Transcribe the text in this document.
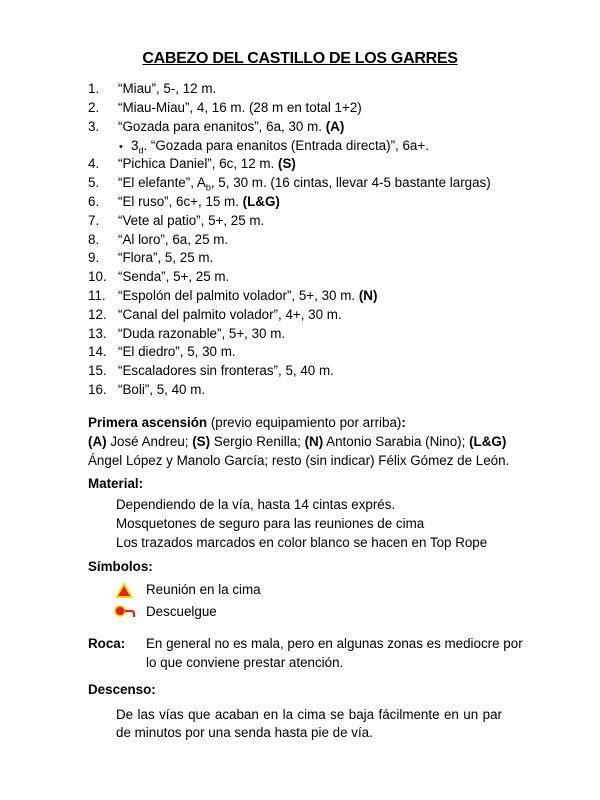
CABEZO DEL CASTILLO DE LOS GARRES
1. “Miau”, 5-, 12 m.
2. “Miau-Miau”, 4, 16 m. (28 m en total 1+2)
3. “Gozada para enanitos”, 6a, 30 m. (A)
• $3_d$. “Gozada para enanitos (Entrada directa)”, 6a+.
4. “Pichica Daniel”, 6c, 12 m. (S)
5. “El elefante”, $A_b$, 5, 30 m. (16 cintas, llevar 4-5 bastante largas)
6. “El ruso”, 6c+, 15 m. (L&G)
7. “Vete al patio”, 5+, 25 m.
8. “Al loro”, 6a, 25 m.
9. “Flora”, 5, 25 m.
10. “Senda”, 5+, 25 m.
11. “Espolón del palmito volador”, 5+, 30 m. (N)
12. “Canal del palmito volador”, 4+, 30 m.
13. “Duda razonable”, 5+, 30 m.
14. “El diedro”, 5, 30 m.
15. “Escaladores sin fronteras”, 5, 40 m.
16. “Boli”, 5, 40 m.
Primera ascensión (previo equipamiento por arriba):
(A) José Andreu; (S) Sergio Renilla; (N) Antonio Sarabia (Nino); (L&G)
Ángel López y Manolo García; resto (sin indicar) Félix Gómez de León.
Material:
Dependiendo de la vía, hasta 14 cintas exprés.
Mosquetones de seguro para las reuniones de cima
Los trazados marcados en color blanco se hacen en Top Rope
Símbolos:
Reunión en la cima
Descuelgue
Roca: En general no es mala, pero en algunas zonas es mediocre por lo que conviene prestar atención.
Descenso:
De las vías que acaban en la cima se baja fácilmente en un par de minutos por una senda hasta pie de vía.
